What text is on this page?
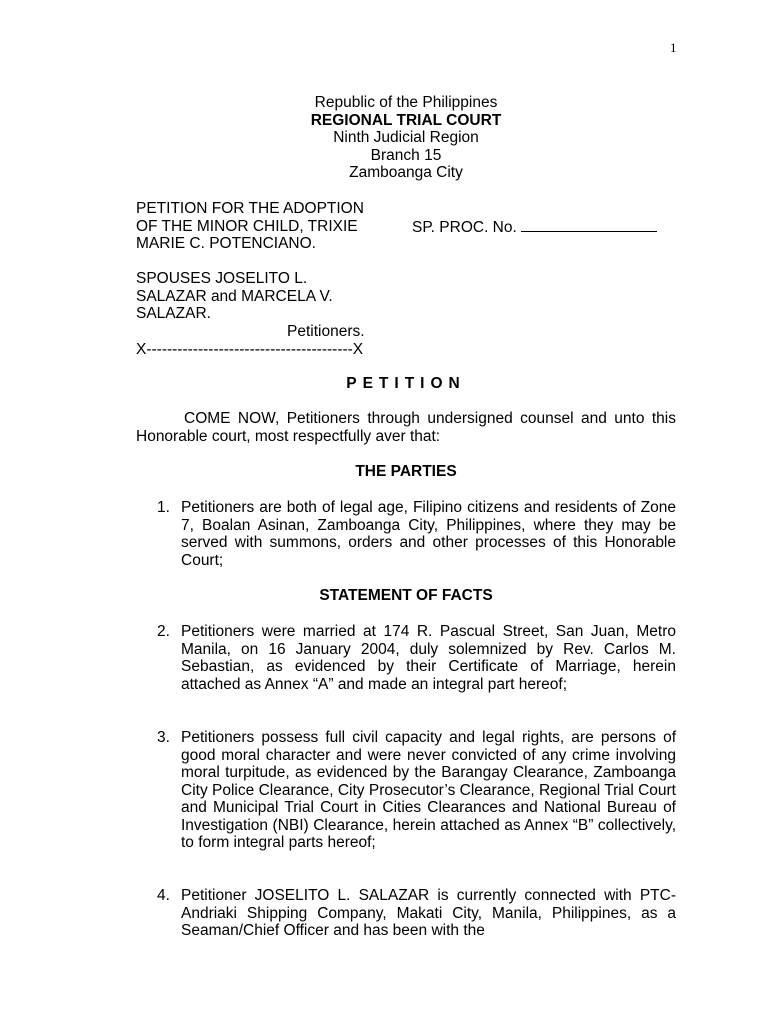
1
Republic of the Philippines
REGIONAL TRIAL COURT
Ninth Judicial Region
Branch 15
Zamboanga City
PETITION FOR THE ADOPTION
OF THE MINOR CHILD, TRIXIE
MARIE C. POTENCIANO.
SP. PROC. No.
SPOUSES JOSELITO L.
SALAZAR and MARCELA V.
SALAZAR.
Petitioners.
X----------------------------------------X
PETITION
COME NOW, Petitioners through undersigned counsel and unto this Honorable court, most respectfully aver that:
THE PARTIES
1. Petitioners are both of legal age, Filipino citizens and residents of Zone 7, Boalan Asinan, Zamboanga City, Philippines, where they may be served with summons, orders and other processes of this Honorable Court;
STATEMENT OF FACTS
2. Petitioners were married at 174 R. Pascual Street, San Juan, Metro Manila, on 16 January 2004, duly solemnized by Rev. Carlos M. Sebastian, as evidenced by their Certificate of Marriage, herein attached as Annex “A” and made an integral part hereof;
3. Petitioners possess full civil capacity and legal rights, are persons of good moral character and were never convicted of any crime involving moral turpitude, as evidenced by the Barangay Clearance, Zamboanga City Police Clearance, City Prosecutor’s Clearance, Regional Trial Court and Municipal Trial Court in Cities Clearances and National Bureau of Investigation (NBI) Clearance, herein attached as Annex “B” collectively, to form integral parts hereof;
4. Petitioner JOSELITO L. SALAZAR is currently connected with PTC-Andriaki Shipping Company, Makati City, Manila, Philippines, as a Seaman/Chief Officer and has been with the
